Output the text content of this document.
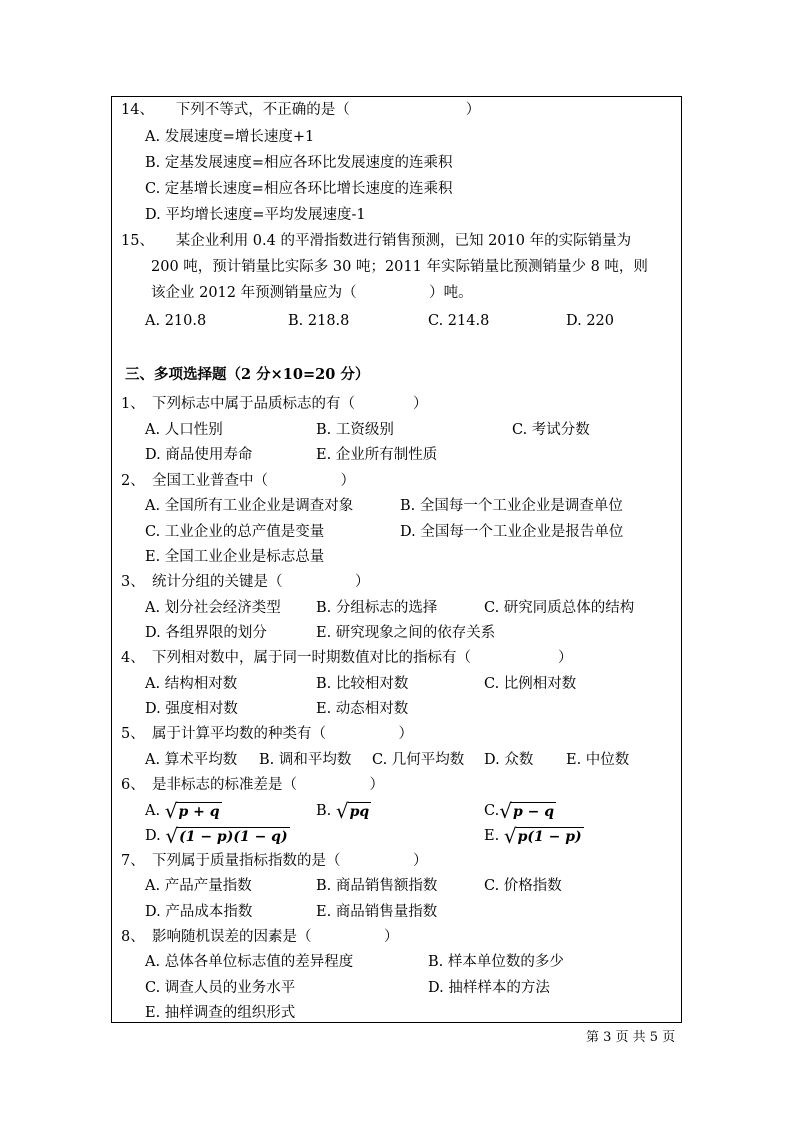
14、　　下列不等式，不正确的是（　　　　　　　　）
A. 发展速度=增长速度+1
B. 定基发展速度=相应各环比发展速度的连乘积
C. 定基增长速度=相应各环比增长速度的连乘积
D. 平均增长速度=平均发展速度-1
15、　　某企业利用 0.4 的平滑指数进行销售预测，已知 2010 年的实际销量为
200 吨，预计销量比实际多 30 吨；2011 年实际销量比预测销量少 8 吨，则
该企业 2012 年预测销量应为（　　　　　）吨。
A. 210.8	B. 218.8	C. 214.8	D. 220
三、多项选择题（2 分×10=20 分）
1、　下列标志中属于品质标志的有（　　　　）
A. 人口性别	B. 工资级别	C. 考试分数
D. 商品使用寿命	E. 企业所有制性质
2、　全国工业普查中（　　　　　）
A. 全国所有工业企业是调查对象	B. 全国每一个工业企业是调查单位
C. 工业企业的总产值是变量	D. 全国每一个工业企业是报告单位
E. 全国工业企业是标志总量
3、　统计分组的关键是（　　　　　）
A. 划分社会经济类型 B. 分组标志的选择	C. 研究同质总体的结构
D. 各组界限的划分	E. 研究现象之间的依存关系
4、　下列相对数中，属于同一时期数值对比的指标有（　　　　　　）
A. 结构相对数	B. 比较相对数	C. 比例相对数
D. 强度相对数	E. 动态相对数
5、　属于计算平均数的种类有（　　　　　）
A. 算术平均数 B. 调和平均数 C. 几何平均数 D. 众数 E. 中位数
6、　是非标志的标准差是（　　　　　）
A. √ p + q	B. √ pq	C. √ p − q
D. √ (1 − p)(1 − q)	E. √ p(1 − p)
7、　下列属于质量指标指数的是（　　　　　）
A. 产品产量指数	B. 商品销售额指数	C. 价格指数
D. 产品成本指数	E. 商品销售量指数
8、　影响随机误差的因素是（　　　　　）
A. 总体各单位标志值的差异程度	B. 样本单位数的多少
C. 调查人员的业务水平	D. 抽样样本的方法
E. 抽样调查的组织形式
第 3 页 共 5 页
